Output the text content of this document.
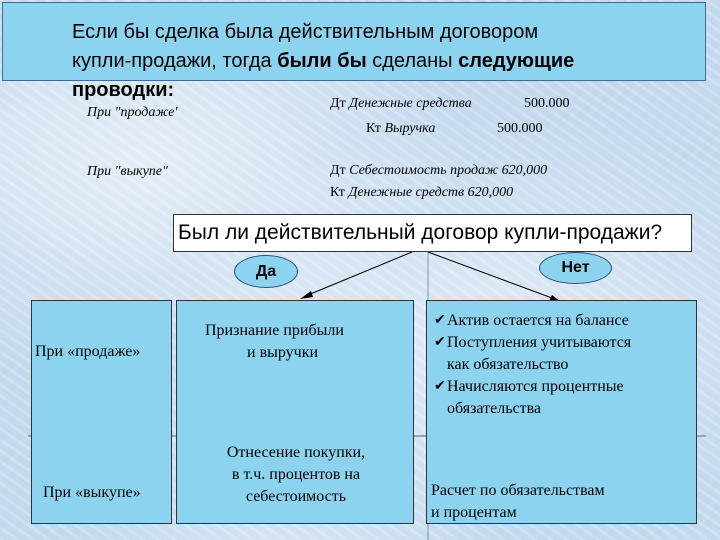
Если бы сделка была действительным договором
купли-продажи, тогда были бы сделаны следующие
проводки:
При "продаже'
Дт Денежные средства	500.000
Кт Выручка	500.000
При "выкупе"	Дт Себестоимость продаж 620,000
Кт Денежные средств 620,000
Был ли действительный договор купли-продажи?
Да	Нет
При «продаже»
При «выкупе»
Признание прибыли
и выручки
Отнесение покупки,
в т.ч. процентов на
себестоимость
✔ Актив остается на балансе
✔ Поступления учитываются
как обязательство
✔ Начисляются процентные
обязательства
Расчет по обязательствам
и процентам
